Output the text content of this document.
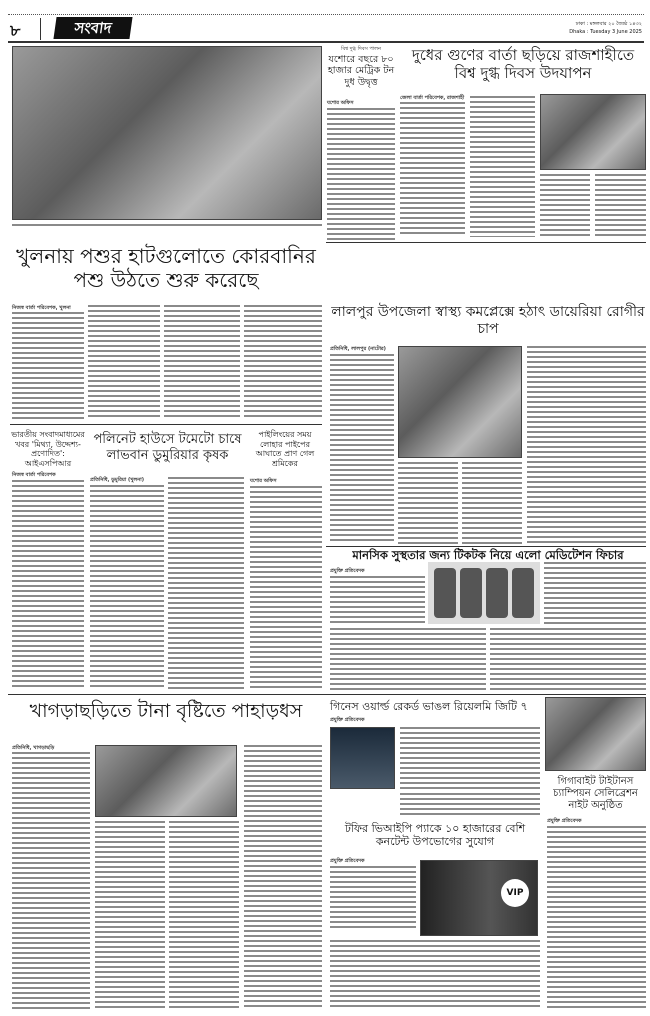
৮	সংবাদ	ঢাকা : মঙ্গলবার ২০ জ্যৈষ্ঠ ১৪৩২
Dhaka : Tuesday 3 June 2025
বিশ্ব দুগ্ধ দিবস পালন
যশোরে বছরে ৮০ হাজার মেট্রিক টন দুধ উদ্বৃত্ত
যশোর অফিস
দুধের গুণের বার্তা ছড়িয়ে রাজশাহীতে বিশ্ব দুগ্ধ দিবস উদযাপন
জেলা বার্তা পরিবেশক, রাজশাহী
খুলনায় পশুর হাটগুলোতে কোরবানির পশু উঠতে শুরু করেছে
নিজস্ব বার্তা পরিবেশক, খুলনা	লালপুর উপজেলা স্বাস্থ্য কমপ্লেক্সে হঠাৎ ডায়েরিয়া রোগীর চাপ
প্রতিনিধি, লালপুর (নাটোর)
ভারতীয় সংবাদমাধ্যমের খবর 'মিথ্যা, উদ্দেশ্য-প্রণোদিত': আইএসপিআর
নিজস্ব বার্তা পরিবেশক
পলিনেট হাউসে টমেটো চাষে লাভবান ডুমুরিয়ার কৃষক
প্রতিনিধি, ডুমুরিয়া (খুলনা)
পাইলিংয়ের সময় লোহার পাইপের আঘাতে প্রাণ গেল শ্রমিকের
যশোর অফিস
মানসিক সুস্থতার জন্য টিকটক নিয়ে এলো মেডিটেশন ফিচার
প্রযুক্তি প্রতিবেদক
খাগড়াছড়িতে টানা বৃষ্টিতে পাহাড়ধস
প্রতিনিধি, খাগড়াছড়ি
গিনেস ওয়ার্ল্ড রেকর্ড ভাঙল রিয়েলমি জিটি ৭
প্রযুক্তি প্রতিবেদক
গিগাবাইট টাইটানস চ্যাম্পিয়ন সেলিব্রেশন নাইট অনুষ্ঠিত
প্রযুক্তি প্রতিবেদক
টফির ভিআইপি প্যাকে ১০ হাজারের বেশি কনটেন্ট উপভোগের সুযোগ
প্রযুক্তি প্রতিবেদক
VIP
